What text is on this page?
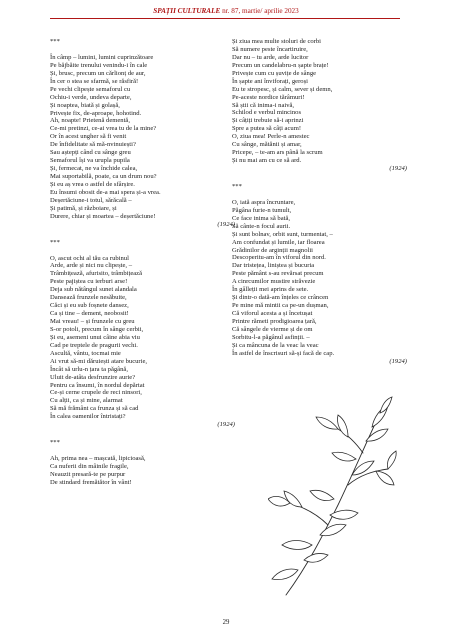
SPAȚII CULTURALE nr. 87, martie/ aprilie 2023
***
În câmp – lumini, lumini cuprinzătoare
Pe băjbăite trenului venindu-i în cale
Și, brusc, precum un cărlionț de aur,
În cer o stea se sfarmă, se răsfiră!
Pe vechi clipește semaforul cu
Ochiu-i verde, undeva departe,
Și noaptea, biată și golașă,
Privește fix, de-aproape, hohotind.
Ah, noapte! Prietenă dementă,
Ce-mi pretinzi, ce-ai vrea tu de la mine?
Or în acest ungher să fi venit
De înfidelitate să mă-nvinuiești?
Sau aștepți când cu sânge greu
Semaforul își va urupla pupila
Și, fermecat, ne va închide calea,
Mai suportabilă, poate, ca un drum nou?
Și eu aș vrea o astfel de sfârșire.
Eu însumi obosit de-a mai spera și-a vrea.
Deșertăciune-i totul, sărăcală –
Și patimă, și războiare, și
Durere, chiar și moartea – deșertăciune!
(1924)
***
O, ascut ochi al tău ca rubinul
Arde, arde și nici nu clipește, –
Trâmbițează, afurisito, trâmbițează
Peste pajiștea cu ierburi arse!
Deja sub nătângul sunet alandala
Dansează frunzele nesăbuite,
Căci și eu sub foșnete dansez,
Ca și tine – dement, neobosit!
Mai vreau! – și frunzele cu greu
S-or potoli, precum în sânge cerbii,
Și eu, asemeni unui câine abia viu
Cad pe treptele de pragurii vechi.
Ascultă, vântu, tocmai mie
Ai vrut să-mi dăruiești atare bucurie,
Încât să urlu-n țara ta păgână,
Uluit de-atâta desfrunzire aurie?
Pentru ca însumi, în nordul depărtat
Ce-și cerne crupele de reci ninsori,
Cu alții, ca și mine, alarmat
Să mă frământ ca frunza și să cad
În calea oamenilor întristați?
(1924)
***
Ah, prima nea – mașcată, lipicioasă,
Ca nuferii din mâinile fragile,
Neauzit presară-te pe purpur
De stindard fremătător în vânt!
Și ziua mea multe stoluri de corbi
Să numere peste încartiruire,
Dar nu – tu arde, arde lucitor
Precum un candelabru-n șapte brațe!
Privește cum cu șuvițe de sânge
În șapte ani înviforați, geroși
Eu te stropesc, și calm, sever și demn,
Pe-aceste nordice tărâmuri!
Să știi că inima-i naivă,
Schilod e verbul mincinos
Și câțiți trebuie să-i aprinzi
Spre a putea să câți acum!
O, ziua mea! Perle-n amestec
Cu sânge, mătănii și amar,
Pricepe, – te-am ars până la scrum
Și nu mai am cu ce să ard.
(1924)
***
O, iată aspra încruntare,
Păgâna furie-n tumult,
Ce face inima să bată,
Să cânte-n focul aurii.
Și sunt bolnav, orbit sunt, turmentat, –
Am confundat și lumile, iar floarea
Grădinilor de arginții magnolii
Descoperitu-am în viforul din nord.
Dar tristețea, liniștea și bucuria
Peste pământ s-au revărsat precum
A cinrcumilor mustire străvezie
În gâlleții mei aprins de sete.
Și dintr-o dată-am înțeles ce crâncen
Pe mine mă mintii ca pe-un dușman,
Că viforul acesta a și încetușat
Printre rămeti prodigioarea țară,
Că sângele de vierme și de om
Sorbitu-l-a păgânul asfinții. –
Și ca mâncuna de la veac la veac
În astfel de înscrisuri să-și facă de cap.
(1924)
29
